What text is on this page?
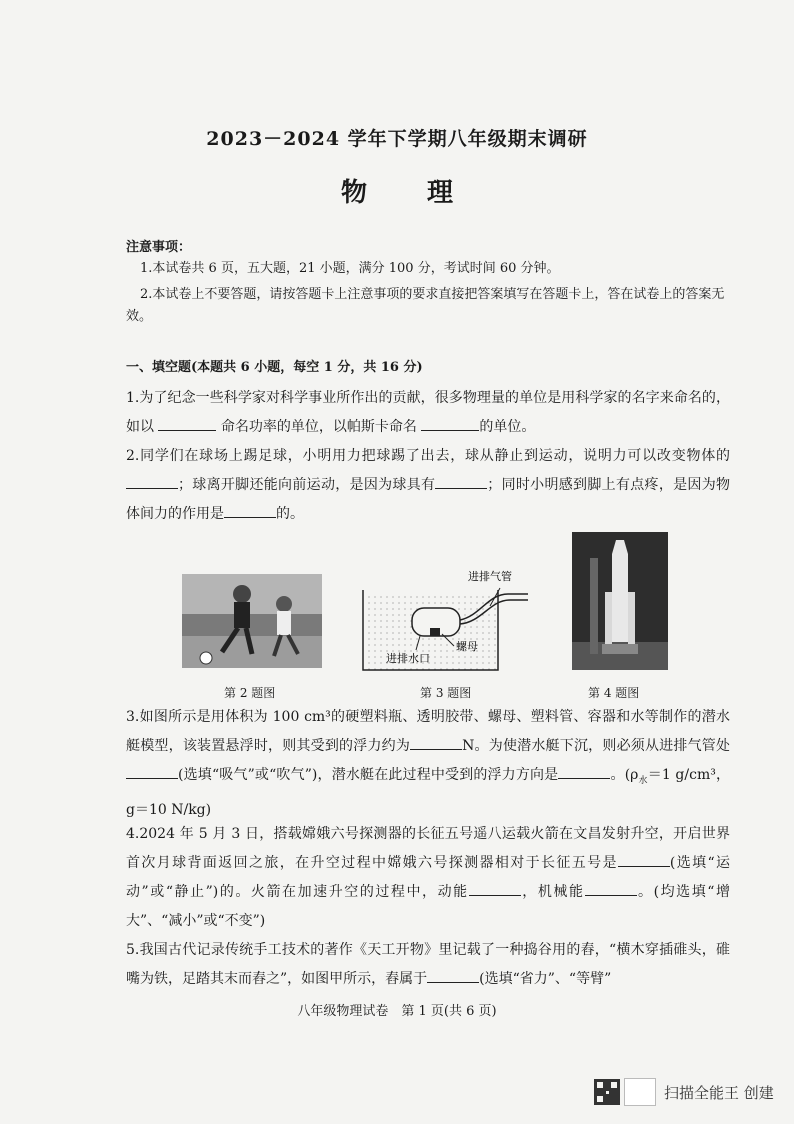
2023－2024 学年下学期八年级期末调研
物 理
注意事项：
1.本试卷共 6 页，五大题，21 小题，满分 100 分，考试时间 60 分钟。
2.本试卷上不要答题，请按答题卡上注意事项的要求直接把答案填写在答题卡上，答在试卷上的答案无效。
一、填空题(本题共 6 小题，每空 1 分，共 16 分)
1.为了纪念一些科学家对科学事业所作出的贡献，很多物理量的单位是用科学家的名字来命名的，如以	命名功率的单位，以帕斯卡命名	的单位。
2.同学们在球场上踢足球，小明用力把球踢了出去，球从静止到运动，说明力可以改变物体的；球离开脚还能向前运动，是因为球具有	；同时小明感到脚上有点疼，是因为物体间力的作用是	的。
进排气管
螺母
进排水口
第 2 题图	第 3 题图	第 4 题图
3.如图所示是用体积为 100 cm³的硬塑料瓶、透明胶带、螺母、塑料管、容器和水等制作的潜水艇模型，该装置悬浮时，则其受到的浮力约为	N。为使潜水艇下沉，则必须从进排气管处(选填“吸气”或“吹气”)，潜水艇在此过程中受到的浮力方向是	。($\rho_水=1$ g/cm³，g＝10 N/kg)
4.2024 年 5 月 3 日，搭载嫦娥六号探测器的长征五号遥八运载火箭在文昌发射升空，开启世界首次月球背面返回之旅，在升空过程中嫦娥六号探测器相对于长征五号是	(选填“运动”或“静止”)的。火箭在加速升空的过程中，动能	，机械能	。(均选填“增大”、“减小”或“不变”)
5.我国古代记录传统手工技术的著作《天工开物》里记载了一种捣谷用的舂，“横木穿插碓头，碓嘴为铁，足踏其末而舂之”，如图甲所示，舂属于	(选填“省力”、“等臂”
八年级物理试卷　第 1 页(共 6 页)
扫描全能王 创建
